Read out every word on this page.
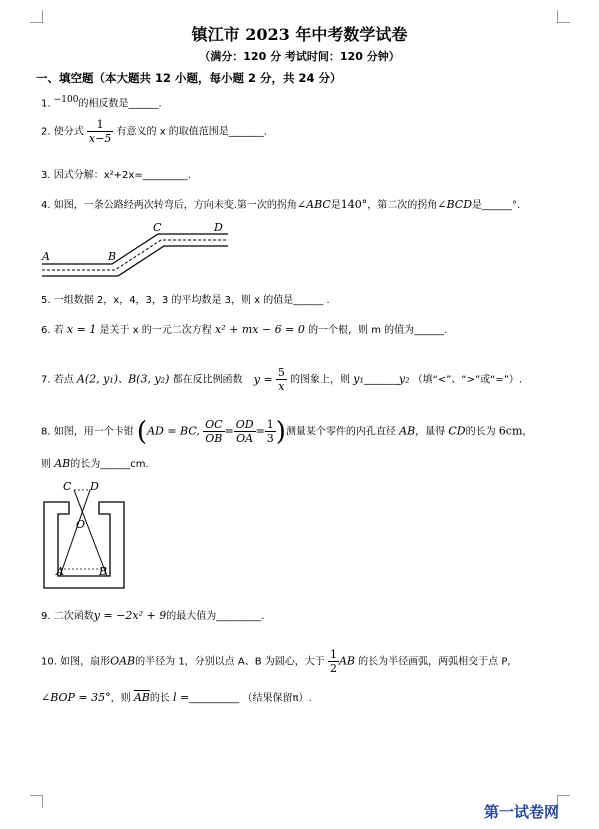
镇江市 2023 年中考数学试卷
（满分：120 分 考试时间：120 分钟）
一、填空题（本大题共 12 小题，每小题 2 分，共 24 分）
1. $^{-100}$的相反数是______.
2. 使分式 $\frac{1}{x-5}$ 有意义的 x 的取值范围是_______.
3. 因式分解：x²+2x=_________.
4. 如图，一条公路经两次转弯后，方向未变.第一次的拐角∠ABC是140°，第二次的拐角∠BCD是______°.
A	B
C	D
5. 一组数据 2，x，4，3，3 的平均数是 3，则 x 的值是______ .
6. 若 x = 1 是关于 x 的一元二次方程 x² + mx − 6 = 0 的一个根，则 m 的值为______.
7. 若点 A(2, y₁)、B(3, y₂) 都在反比例函数 $y = \frac{5}{x}$ 的图象上，则 y₁_______y₂ （填“<”、“>”或“=”）.
8. 如图，用一个卡钳 (AD = BC, $\frac{OC}{OB} = \frac{OD}{OA} = \frac{1}{3}$ )测量某个零件的内孔直径 AB，量得 CD的长为 6cm，
则 AB的长为______cm.
C D
O
A	B
9. 二次函数y = −2x² + 9的最大值为_________.
10. 如图，扇形OAB的半径为 1，分别以点 A、B 为圆心，大于 $\frac{1}{2}$ AB 的长为半径画弧，两弧相交于点 P,
∠BOP = 35°，则 $\overline{AB}$的长 l =__________ （结果保留π）.
第一试卷网
